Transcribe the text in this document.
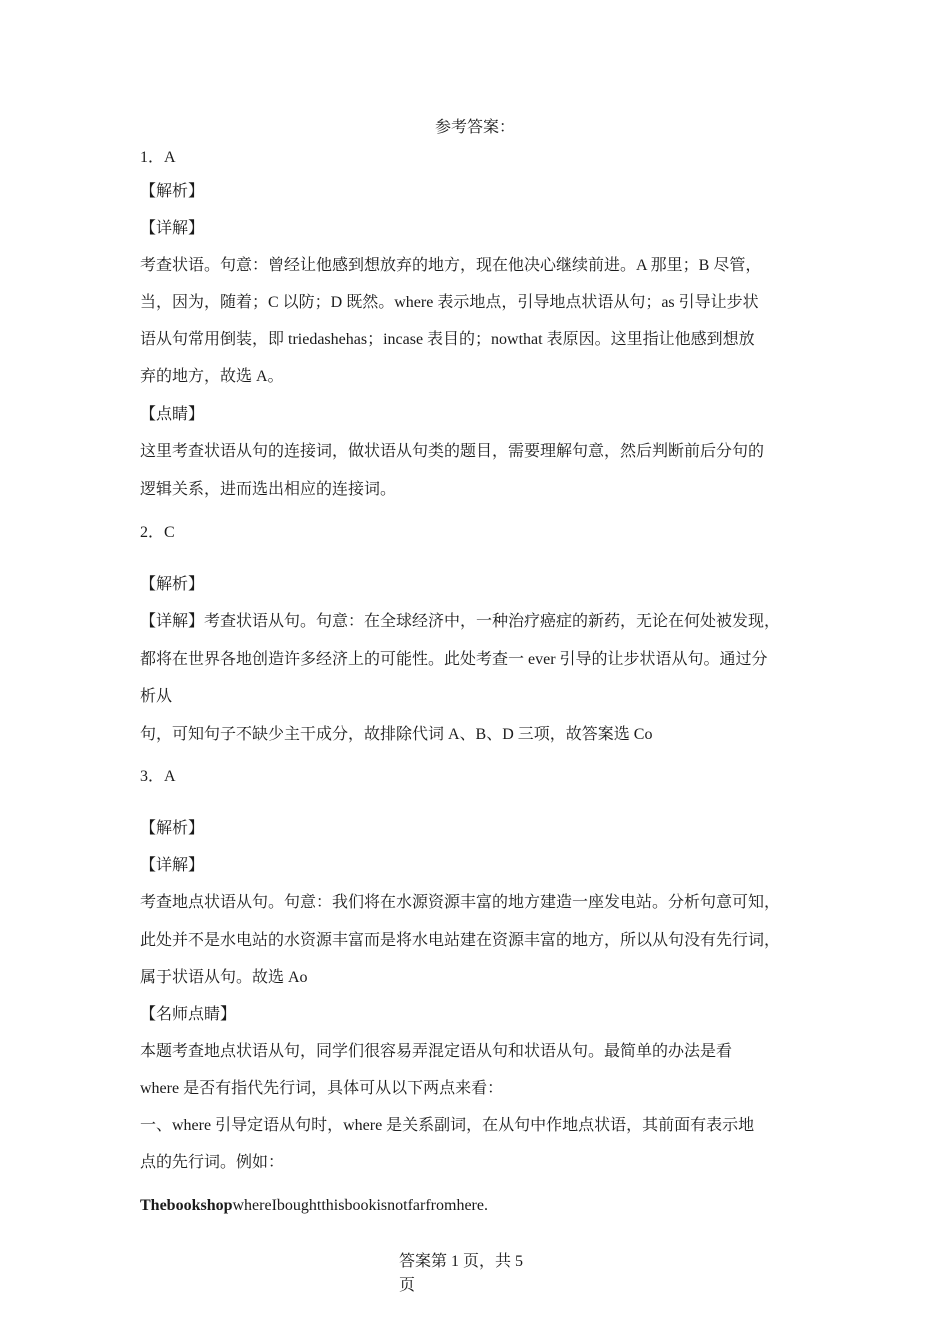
参考答案：
1．A
【解析】
【详解】
考查状语。句意：曾经让他感到想放弃的地方，现在他决心继续前进。A 那里；B 尽管，
当，因为，随着；C 以防；D 既然。where 表示地点，引导地点状语从句；as 引导让步状
语从句常用倒装，即 triedashehas；incase 表目的；nowthat 表原因。这里指让他感到想放
弃的地方，故选 A。
【点睛】
这里考查状语从句的连接词，做状语从句类的题目，需要理解句意，然后判断前后分句的
逻辑关系，进而选出相应的连接词。
2．C
【解析】
【详解】考查状语从句。句意：在全球经济中，一种治疗癌症的新药，无论在何处被发现，
都将在世界各地创造许多经济上的可能性。此处考查一 ever 引导的让步状语从句。通过分
析从
句，可知句子不缺少主干成分，故排除代词 A、B、D 三项，故答案选 Co
3．A
【解析】
【详解】
考查地点状语从句。句意：我们将在水源资源丰富的地方建造一座发电站。分析句意可知，
此处并不是水电站的水资源丰富而是将水电站建在资源丰富的地方，所以从句没有先行词，
属于状语从句。故选 Ao
【名师点睛】
本题考查地点状语从句，同学们很容易弄混定语从句和状语从句。最简单的办法是看
where 是否有指代先行词，具体可从以下两点来看：
一、where 引导定语从句时，where 是关系副词，在从句中作地点状语，其前面有表示地
点的先行词。例如：
ThebookshopwhereIboughtthisbookisnotfarfromhere.
答案第 1 页，共 5 页
